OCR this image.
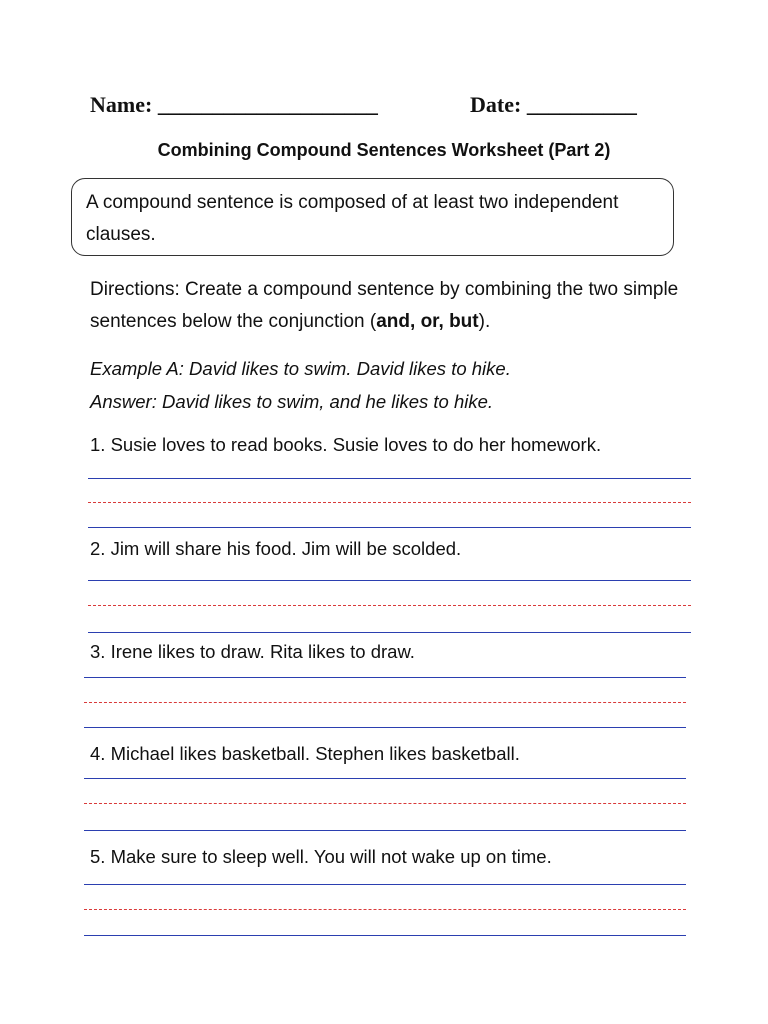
Name: ____________________	Date: __________
Combining Compound Sentences Worksheet (Part 2)
A compound sentence is composed of at least two independent clauses.
Directions: Create a compound sentence by combining the two simple sentences below the conjunction (and, or, but).
Example A: David likes to swim. David likes to hike.
Answer: David likes to swim, and he likes to hike.
1. Susie loves to read books. Susie loves to do her homework.
2. Jim will share his food. Jim will be scolded.
3. Irene likes to draw. Rita likes to draw.
4. Michael likes basketball. Stephen likes basketball.
5. Make sure to sleep well. You will not wake up on time.
